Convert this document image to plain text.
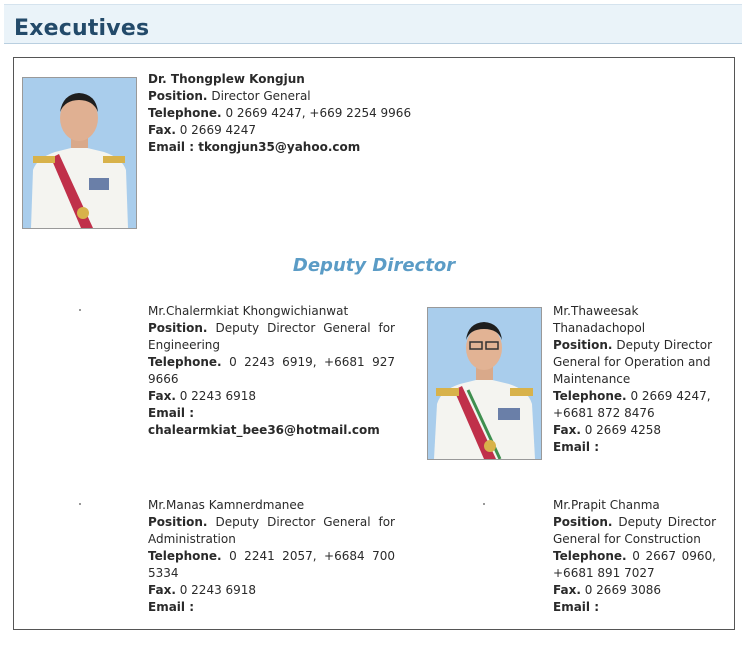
Executives
Dr. Thongplew Kongjun
Position. Director General
Telephone. 0 2669 4247, +669 2254 9966
Fax. 0 2669 4247
Email : tkongjun35@yahoo.com
Deputy Director
Mr.Chalermkiat Khongwichianwat
Position. Deputy Director General for Engineering
Telephone. 0 2243 6919, +6681 927 9666
Fax. 0 2243 6918
Email :
chalearmkiat_bee36@hotmail.com
Mr.Thaweesak Thanadachopol
Position. Deputy Director General for Operation and Maintenance
Telephone. 0 2669 4247, +6681 872 8476
Fax. 0 2669 4258
Email :
Mr.Manas Kamnerdmanee
Position. Deputy Director General for Administration
Telephone. 0 2241 2057, +6684 700 5334
Fax. 0 2243 6918
Email :
Mr.Prapit Chanma
Position. Deputy Director General for Construction
Telephone. 0 2667 0960, +6681 891 7027
Fax. 0 2669 3086
Email :
